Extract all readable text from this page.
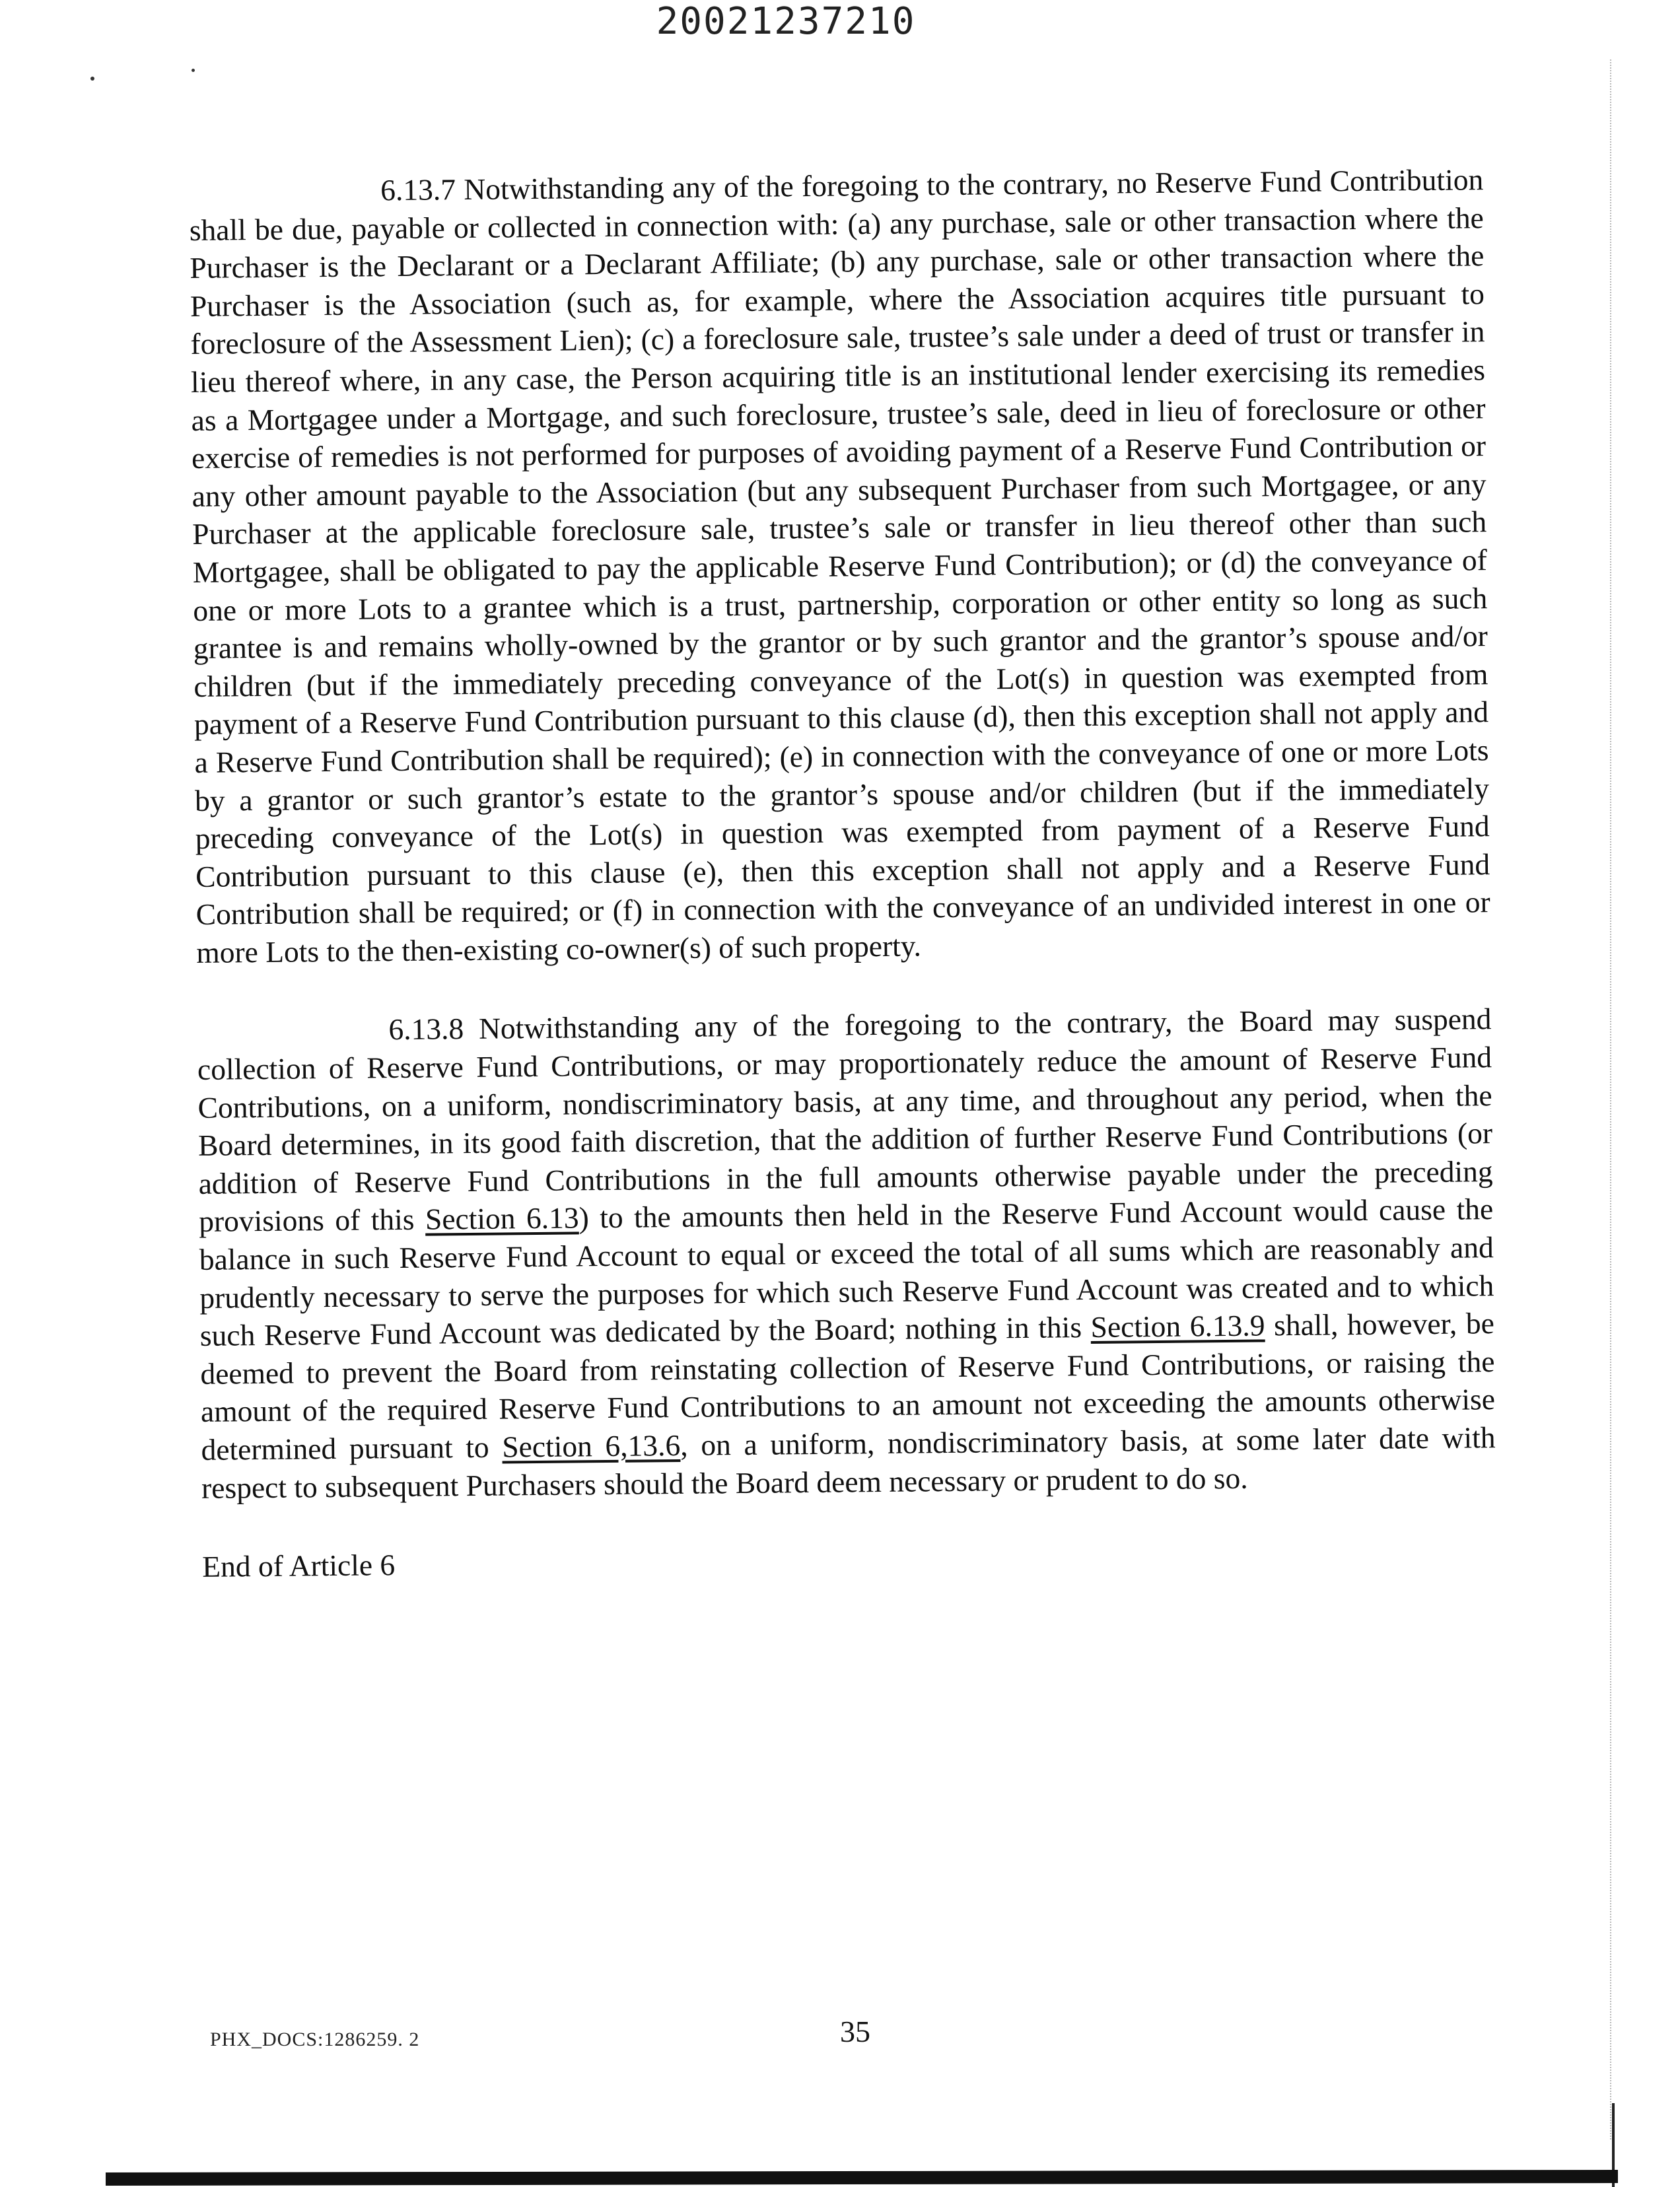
20021237210

6.13.7 Notwithstanding any of the foregoing to the contrary, no Reserve Fund Contribution shall be due, payable or collected in connection with: (a) any purchase, sale or other transaction where the Purchaser is the Declarant or a Declarant Affiliate; (b) any purchase, sale or other transaction where the Purchaser is the Association (such as, for example, where the Association acquires title pursuant to foreclosure of the Assessment Lien); (c) a foreclosure sale, trustee’s sale under a deed of trust or transfer in lieu thereof where, in any case, the Person acquiring title is an institutional lender exercising its remedies as a Mortgagee under a Mortgage, and such foreclosure, trustee’s sale, deed in lieu of foreclosure or other exercise of remedies is not performed for purposes of avoiding payment of a Reserve Fund Contribution or any other amount payable to the Association (but any subsequent Purchaser from such Mortgagee, or any Purchaser at the applicable foreclosure sale, trustee’s sale or transfer in lieu thereof other than such Mortgagee, shall be obligated to pay the applicable Reserve Fund Contribution); or (d) the conveyance of one or more Lots to a grantee which is a trust, partnership, corporation or other entity so long as such grantee is and remains wholly-owned by the grantor or by such grantor and the grantor’s spouse and/or children (but if the immediately preceding conveyance of the Lot(s) in question was exempted from payment of a Reserve Fund Contribution pursuant to this clause (d), then this exception shall not apply and a Reserve Fund Contribution shall be required); (e) in connection with the conveyance of one or more Lots by a grantor or such grantor’s estate to the grantor’s spouse and/or children (but if the immediately preceding conveyance of the Lot(s) in question was exempted from payment of a Reserve Fund Contribution pursuant to this clause (e), then this exception shall not apply and a Reserve Fund Contribution shall be required; or (f) in connection with the conveyance of an undivided interest in one or more Lots to the then-existing co-owner(s) of such property.

6.13.8 Notwithstanding any of the foregoing to the contrary, the Board may suspend collection of Reserve Fund Contributions, or may proportionately reduce the amount of Reserve Fund Contributions, on a uniform, nondiscriminatory basis, at any time, and throughout any period, when the Board determines, in its good faith discretion, that the addition of further Reserve Fund Contributions (or addition of Reserve Fund Contributions in the full amounts otherwise payable under the preceding provisions of this Section 6.13) to the amounts then held in the Reserve Fund Account would cause the balance in such Reserve Fund Account to equal or exceed the total of all sums which are reasonably and prudently necessary to serve the purposes for which such Reserve Fund Account was created and to which such Reserve Fund Account was dedicated by the Board; nothing in this Section 6.13.9 shall, however, be deemed to prevent the Board from reinstating collection of Reserve Fund Contributions, or raising the amount of the required Reserve Fund Contributions to an amount not exceeding the amounts otherwise determined pursuant to Section 6,13.6, on a uniform, nondiscriminatory basis, at some later date with respect to subsequent Purchasers should the Board deem necessary or prudent to do so.

End of Article 6

PHX_DOCS:1286259. 2	35
